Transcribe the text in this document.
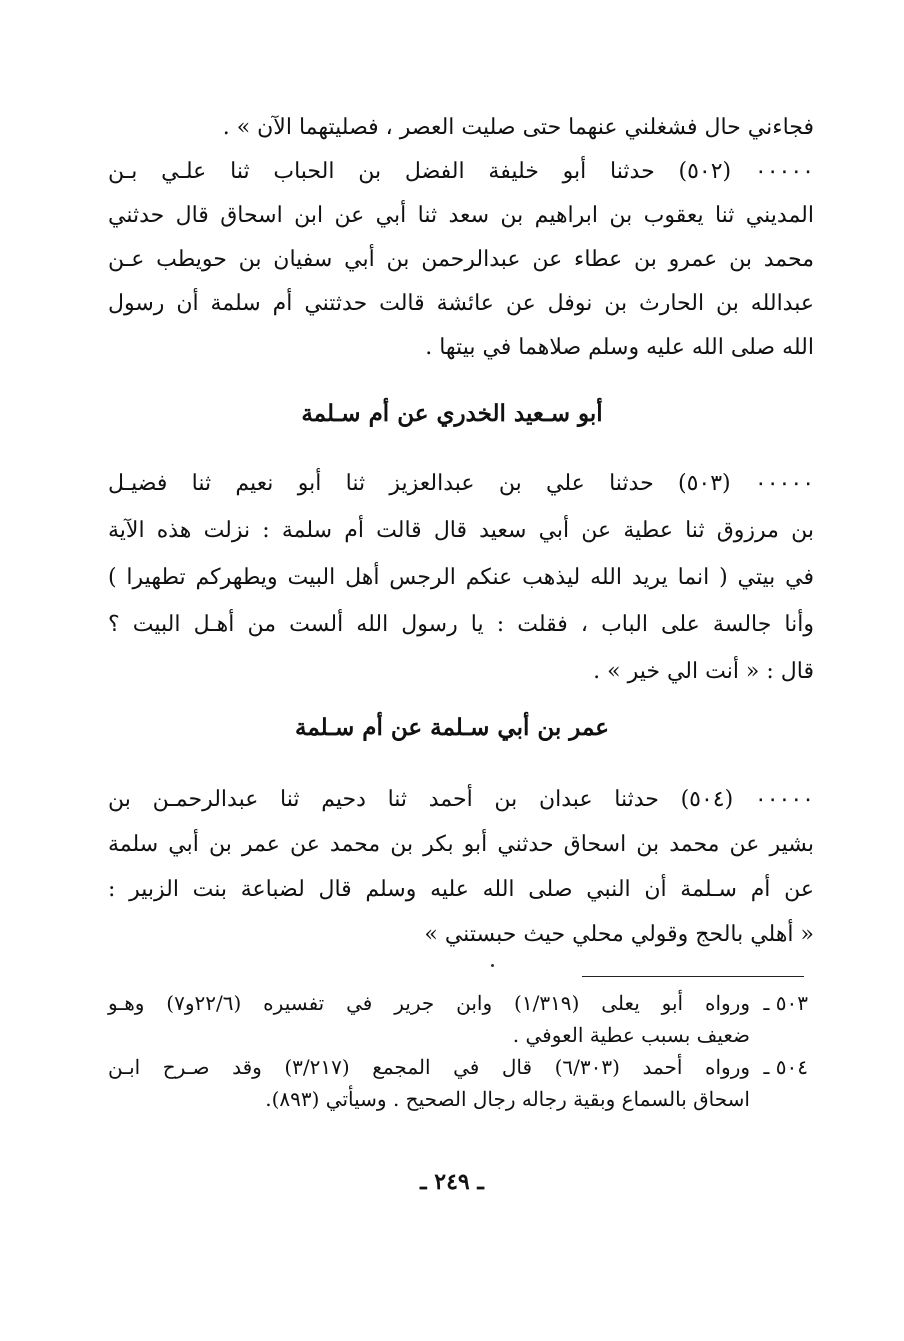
فجاءني حال فشغلني عنهما حتى صليت العصر ، فصليتهما الآن » .
٠٠٠٠٠ (٥٠٢) حدثنا أبو خليفة الفضل بن الحباب ثنا علـي بـن
المديني ثنا يعقوب بن ابراهيم بن سعد ثنا أبي عن ابن اسحاق قال حدثني
محمد بن عمرو بن عطاء عن عبدالرحمن بن أبي سفيان بن حويطب عـن
عبدالله بن الحارث بن نوفل عن عائشة قالت حدثتني أم سلمة أن رسول
الله صلى الله عليه وسلم صلاهما في بيتها .
أبو سـعيد الخدري عن أم سـلمة
٠٠٠٠٠ (٥٠٣) حدثنا علي بن عبدالعزيز ثنا أبو نعيم ثنا فضيـل
بن مرزوق ثنا عطية عن أبي سعيد قال قالت أم سلمة : نزلت هذه الآية
في بيتي ( انما يريد الله ليذهب عنكم الرجس أهل البيت ويطهركم تطهيرا )
وأنا جالسة على الباب ، فقلت : يا رسول الله ألست من أهـل البيت ؟
قال : « أنت الي خير » .
عمر بن أبي سـلمة عن أم سـلمة
٠٠٠٠٠ (٥٠٤) حدثنا عبدان بن أحمد ثنا دحيم ثنا عبدالرحمـن بن
بشير عن محمد بن اسحاق حدثني أبو بكر بن محمد عن عمر بن أبي سلمة
عن أم سـلمة أن النبي صلى الله عليه وسلم قال لضباعة بنت الزبير :
« أهلي بالحج وقولي محلي حيث حبستني »
٥٠٣ ـ
ورواه أبو يعلى (١/٣١٩) وابن جرير في تفسيره (٢٢/٦و٧) وهـو
ضعيف بسبب عطية العوفي .
٥٠٤ ـ
ورواه أحمد (٦/٣٠٣) قال في المجمع (٣/٢١٧) وقد صـرح ابـن
اسحاق بالسماع وبقية رجاله رجال الصحيح . وسيأتي (٨٩٣).
ـ ٢٤٩ ـ
